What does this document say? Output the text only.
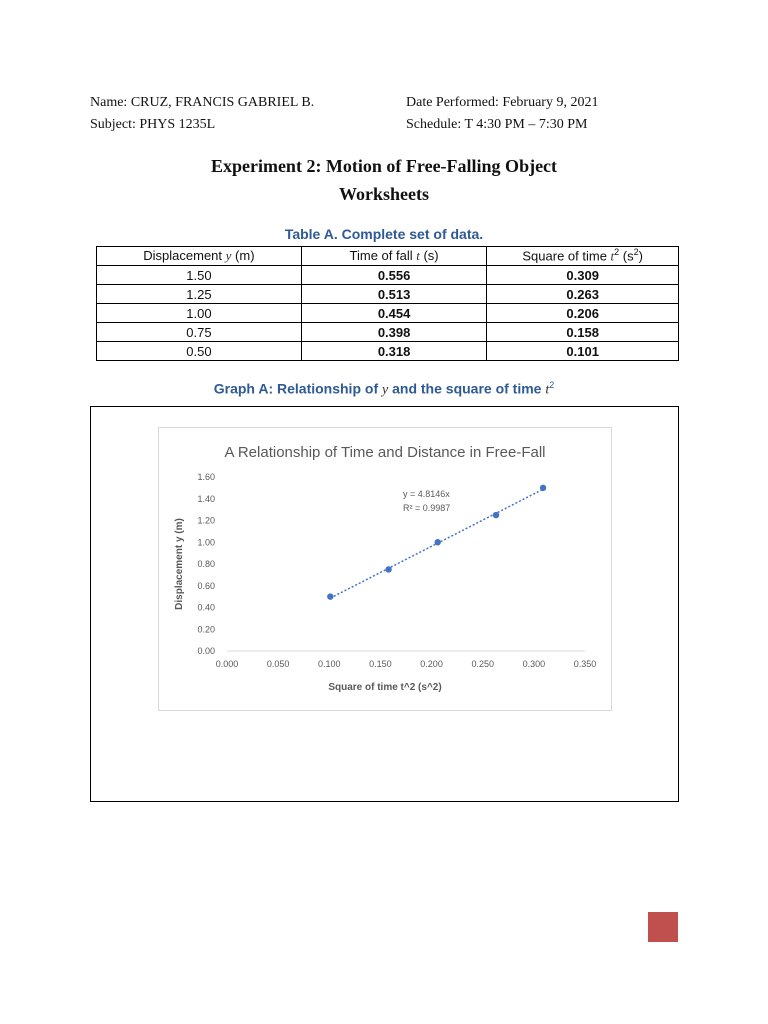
Name: CRUZ, FRANCIS GABRIEL B.
Subject: PHYS 1235L
Date Performed: February 9, 2021
Schedule: T 4:30 PM – 7:30 PM
Experiment 2: Motion of Free-Falling Object
Worksheets
Table A. Complete set of data.
Displacement y (m)	Time of fall t (s)	Square of time $t^2$ $(s^2)$
1.50	0.556	0.309
1.25	0.513	0.263
1.00	0.454	0.206
0.75	0.398	0.158
0.50	0.318	0.101
Graph A: Relationship of y and the square of time $t^2$
A Relationship of Time and Distance in Free-Fall
0.00
0.20
0.40
0.60
0.80
1.00
1.20
1.40
1.60
0.000	0.050	0.100	0.150	0.200	0.250	0.300	0.350
Square of time t^2 (s^2)
Displacement y (m)
y = 4.8146x
R² = 0.9987
